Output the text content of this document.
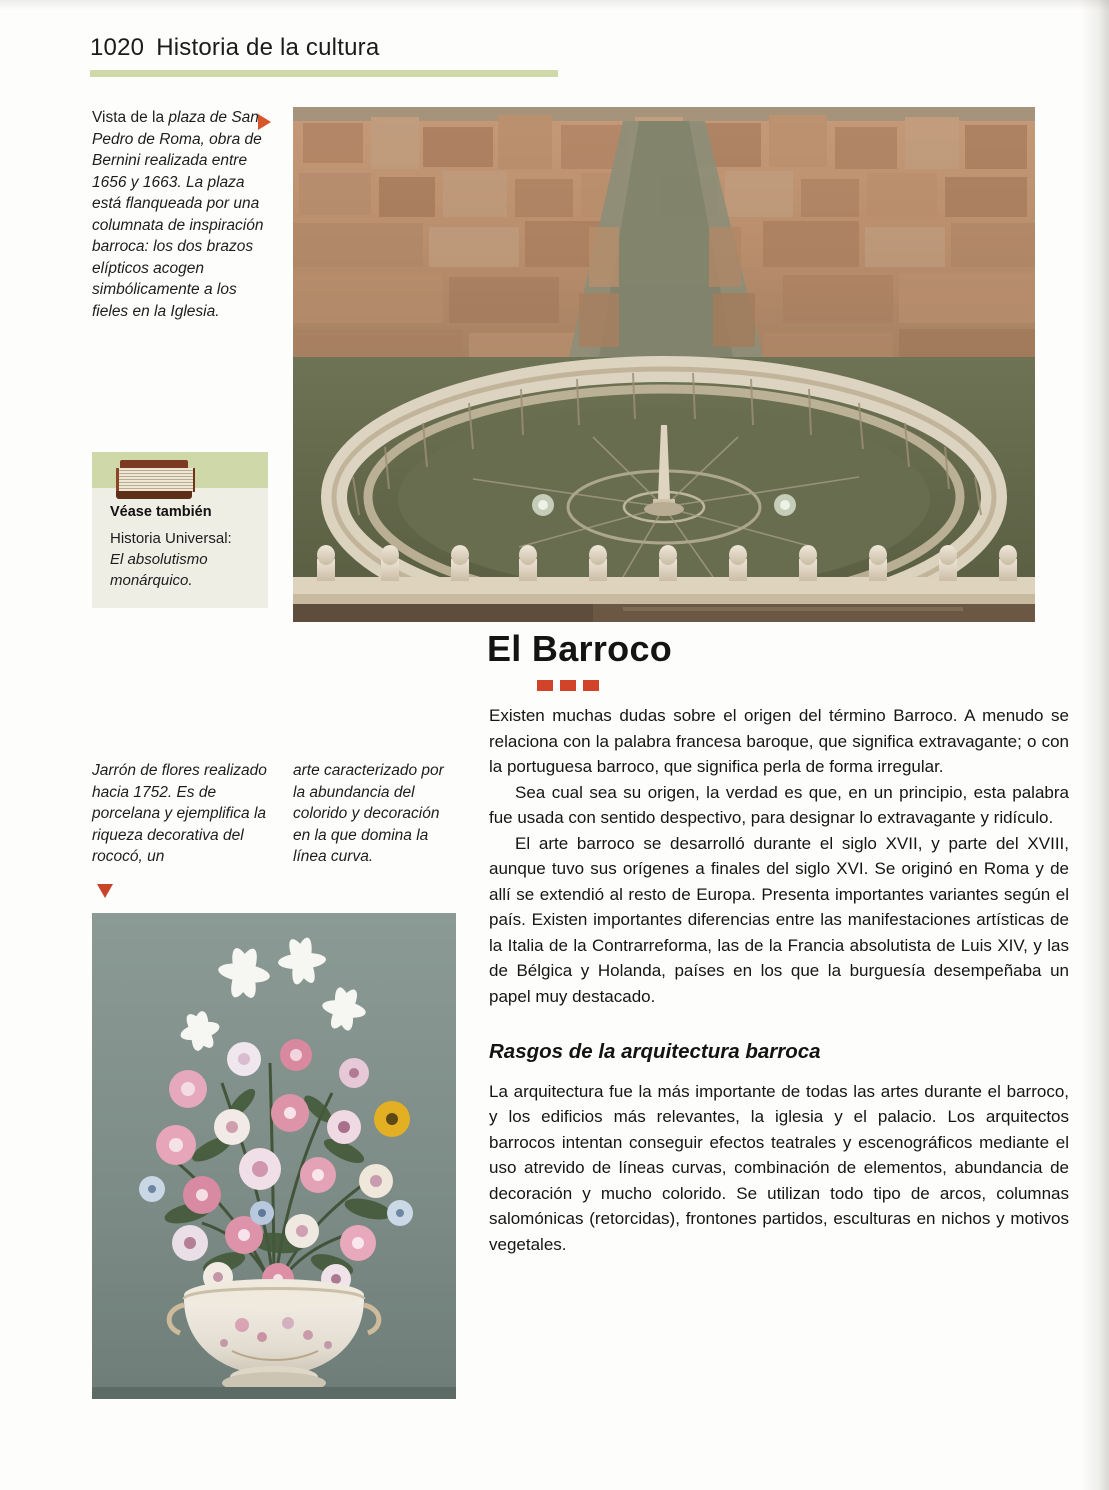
1020 Historia de la cultura
Vista de la plaza de San Pedro de Roma, obra de Bernini realizada entre 1656 y 1663. La plaza está flanqueada por una columnata de inspiración barroca: los dos brazos elípticos acogen simbólicamente a los fieles en la Iglesia.
Véase también
Historia Universal:
El absolutismo monárquico.
Jarrón de flores realizado hacia 1752. Es de porcelana y ejemplifica la riqueza decorativa del rococó, un
arte caracterizado por la abundancia del colorido y decoración en la que domina la línea curva.
El Barroco

Existen muchas dudas sobre el origen del término Barroco. A menudo se relaciona con la palabra francesa baroque, que significa extravagante; o con la portuguesa barroco, que significa perla de forma irregular.

Sea cual sea su origen, la verdad es que, en un principio, esta palabra fue usada con sentido despectivo, para designar lo extravagante y ridículo.

El arte barroco se desarrolló durante el siglo XVII, y parte del XVIII, aunque tuvo sus orígenes a finales del siglo XVI. Se originó en Roma y de allí se extendió al resto de Europa. Presenta importantes variantes según el país. Existen importantes diferencias entre las manifestaciones artísticas de la Italia de la Contrarreforma, las de la Francia absolutista de Luis XIV, y las de Bélgica y Holanda, países en los que la burguesía desempeñaba un papel muy destacado.

Rasgos de la arquitectura barroca

La arquitectura fue la más importante de todas las artes durante el barroco, y los edificios más relevantes, la iglesia y el palacio. Los arquitectos barrocos intentan conseguir efectos teatrales y escenográficos mediante el uso atrevido de líneas curvas, combinación de elementos, abundancia de decoración y mucho colorido. Se utilizan todo tipo de arcos, columnas salomónicas (retorcidas), frontones partidos, esculturas en nichos y motivos vegetales.
